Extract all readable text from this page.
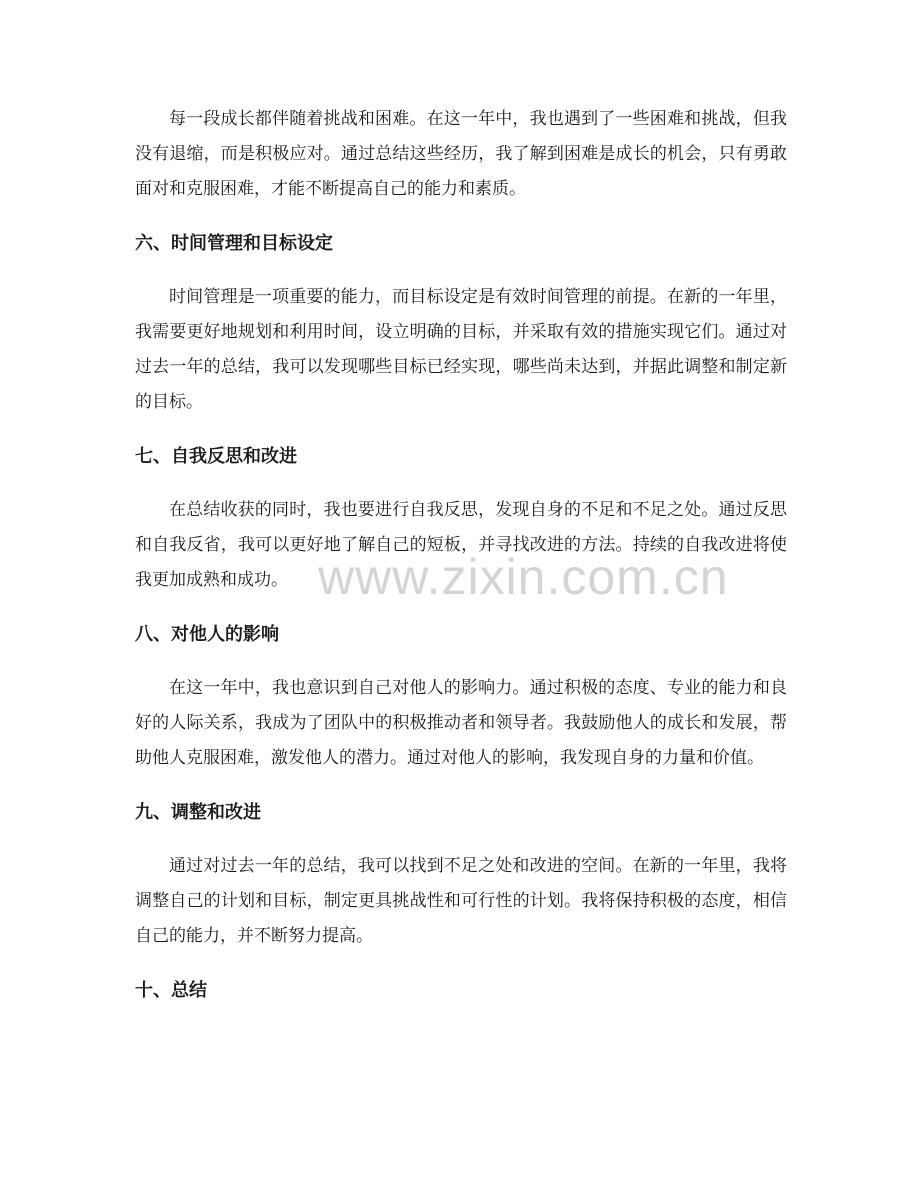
每一段成长都伴随着挑战和困难。在这一年中，我也遇到了一些困难和挑战，但我没有退缩，而是积极应对。通过总结这些经历，我了解到困难是成长的机会，只有勇敢面对和克服困难，才能不断提高自己的能力和素质。

六、时间管理和目标设定

时间管理是一项重要的能力，而目标设定是有效时间管理的前提。在新的一年里，我需要更好地规划和利用时间，设立明确的目标，并采取有效的措施实现它们。通过对过去一年的总结，我可以发现哪些目标已经实现，哪些尚未达到，并据此调整和制定新的目标。

七、自我反思和改进

在总结收获的同时，我也要进行自我反思，发现自身的不足和不足之处。通过反思和自我反省，我可以更好地了解自己的短板，并寻找改进的方法。持续的自我改进将使我更加成熟和成功。

八、对他人的影响

在这一年中，我也意识到自己对他人的影响力。通过积极的态度、专业的能力和良好的人际关系，我成为了团队中的积极推动者和领导者。我鼓励他人的成长和发展，帮助他人克服困难，激发他人的潜力。通过对他人的影响，我发现自身的力量和价值。

九、调整和改进

通过对过去一年的总结，我可以找到不足之处和改进的空间。在新的一年里，我将调整自己的计划和目标，制定更具挑战性和可行性的计划。我将保持积极的态度，相信自己的能力，并不断努力提高。

十、总结
www.zixin.com.cn
